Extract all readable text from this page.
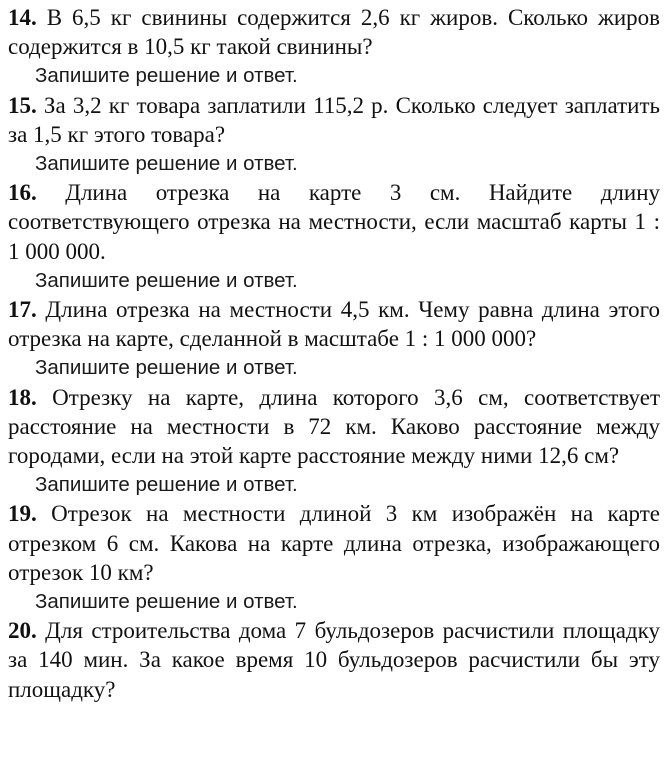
14. В 6,5 кг свинины содержится 2,6 кг жиров. Сколько жиров содержится в 10,5 кг такой свинины?

Запишите решение и ответ.

15. За 3,2 кг товара заплатили 115,2 р. Сколько следует заплатить за 1,5 кг этого товара?

Запишите решение и ответ.

16. Длина отрезка на карте 3 см. Найдите длину соответствующего отрезка на местности, если масштаб карты 1 : 1 000 000.

Запишите решение и ответ.

17. Длина отрезка на местности 4,5 км. Чему равна длина этого отрезка на карте, сделанной в масштабе 1 : 1 000 000?

Запишите решение и ответ.

18. Отрезку на карте, длина которого 3,6 см, соответствует расстояние на местности в 72 км. Каково расстояние между городами, если на этой карте расстояние между ними 12,6 см?

Запишите решение и ответ.

19. Отрезок на местности длиной 3 км изображён на карте отрезком 6 см. Какова на карте длина отрезка, изображающего отрезок 10 км?

Запишите решение и ответ.

20. Для строительства дома 7 бульдозеров расчистили площадку за 140 мин. За какое время 10 бульдозеров расчистили бы эту площадку?
